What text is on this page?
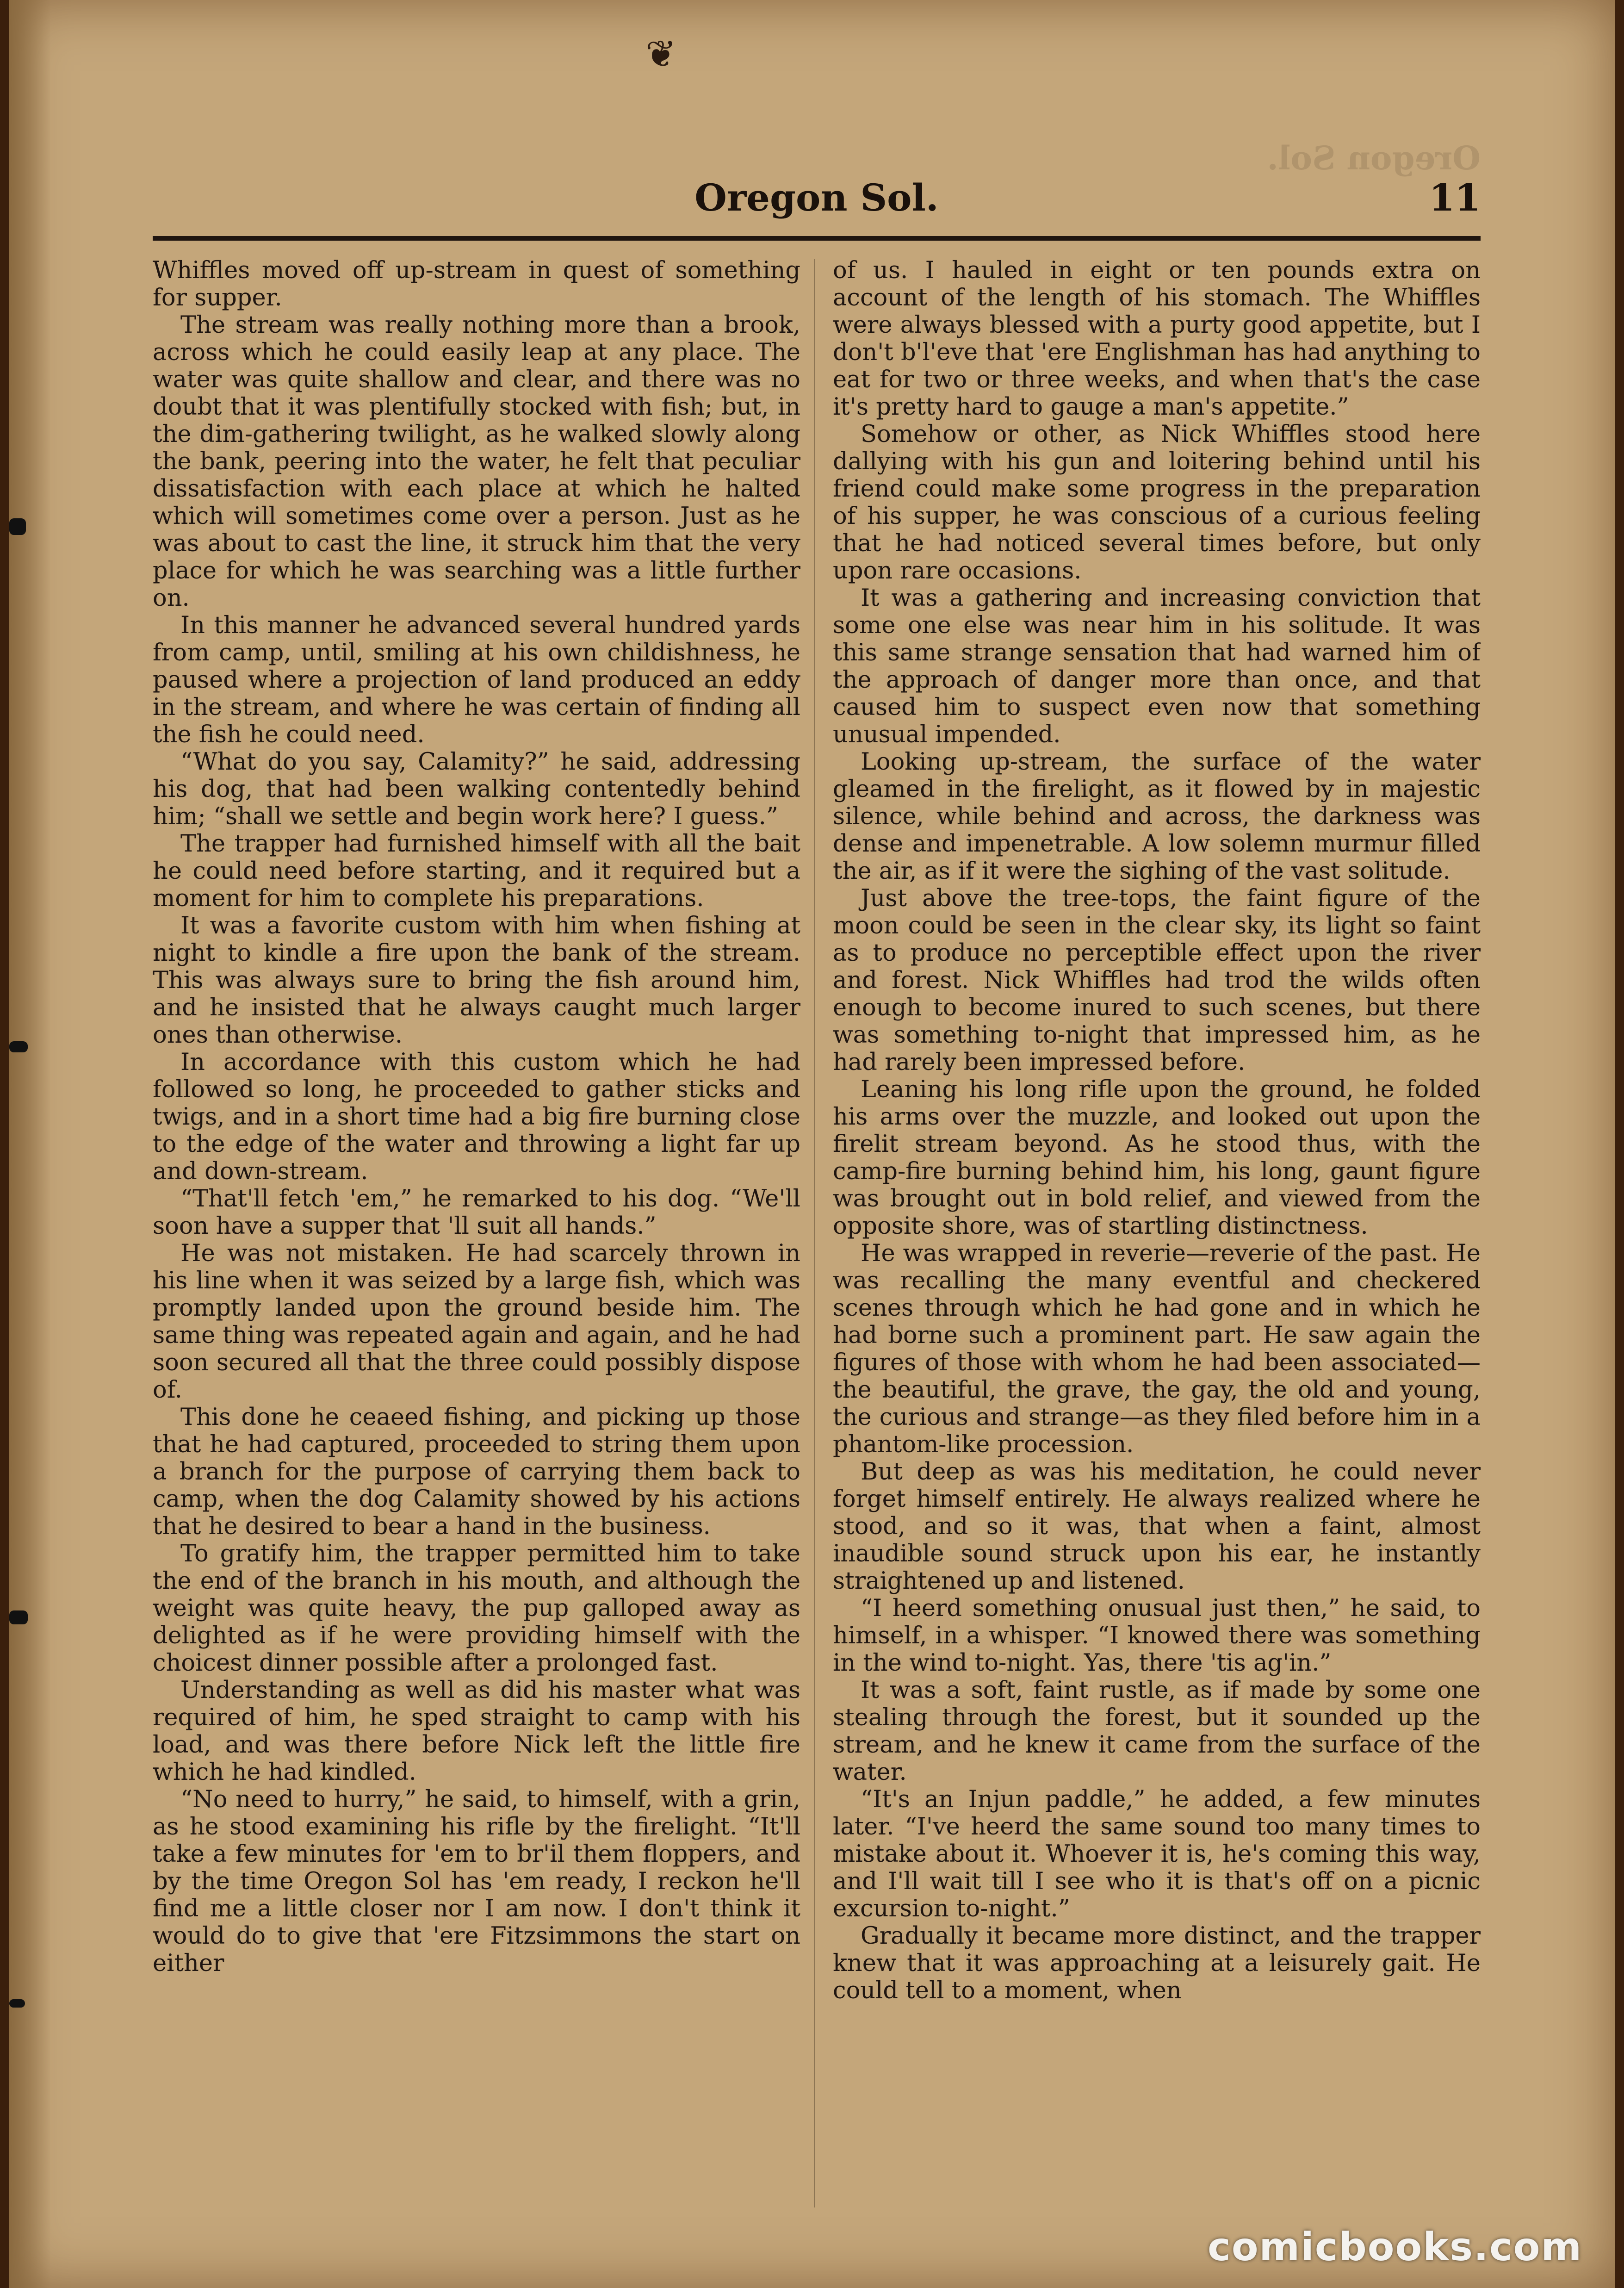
❦
Oregon Sol.
Oregon Sol.	11

Whiffles moved off up-stream in quest of something for supper.

The stream was really nothing more than a brook, across which he could easily leap at any place. The water was quite shallow and clear, and there was no doubt that it was plentifully stocked with fish; but, in the dim-gathering twilight, as he walked slowly along the bank, peering into the water, he felt that peculiar dissatisfaction with each place at which he halted which will sometimes come over a person. Just as he was about to cast the line, it struck him that the very place for which he was searching was a little further on.

In this manner he advanced several hundred yards from camp, until, smiling at his own childishness, he paused where a projection of land produced an eddy in the stream, and where he was certain of finding all the fish he could need.

“What do you say, Calamity?” he said, addressing his dog, that had been walking contentedly behind him; “shall we settle and begin work here? I guess.”

The trapper had furnished himself with all the bait he could need before starting, and it required but a moment for him to complete his preparations.

It was a favorite custom with him when fishing at night to kindle a fire upon the bank of the stream. This was always sure to bring the fish around him, and he insisted that he always caught much larger ones than otherwise.

In accordance with this custom which he had followed so long, he proceeded to gather sticks and twigs, and in a short time had a big fire burning close to the edge of the water and throwing a light far up and down-stream.

“That'll fetch 'em,” he remarked to his dog. “We'll soon have a supper that 'll suit all hands.”

He was not mistaken. He had scarcely thrown in his line when it was seized by a large fish, which was promptly landed upon the ground beside him. The same thing was repeated again and again, and he had soon secured all that the three could possibly dispose of.

This done he ceaeed fishing, and picking up those that he had captured, proceeded to string them upon a branch for the purpose of carrying them back to camp, when the dog Calamity showed by his actions that he desired to bear a hand in the business.

To gratify him, the trapper permitted him to take the end of the branch in his mouth, and although the weight was quite heavy, the pup galloped away as delighted as if he were providing himself with the choicest dinner possible after a prolonged fast.

Understanding as well as did his master what was required of him, he sped straight to camp with his load, and was there before Nick left the little fire which he had kindled.

“No need to hurry,” he said, to himself, with a grin, as he stood examining his rifle by the firelight. “It'll take a few minutes for 'em to br'il them floppers, and by the time Oregon Sol has 'em ready, I reckon he'll find me a little closer nor I am now. I don't think it would do to give that 'ere Fitzsimmons the start on either

of us. I hauled in eight or ten pounds extra on account of the length of his stomach. The Whiffles were always blessed with a purty good appetite, but I don't b'l'eve that 'ere Englishman has had anything to eat for two or three weeks, and when that's the case it's pretty hard to gauge a man's appetite.”

Somehow or other, as Nick Whiffles stood here dallying with his gun and loitering behind until his friend could make some progress in the preparation of his supper, he was conscious of a curious feeling that he had noticed several times before, but only upon rare occasions.

It was a gathering and increasing conviction that some one else was near him in his solitude. It was this same strange sensation that had warned him of the approach of danger more than once, and that caused him to suspect even now that something unusual impended.

Looking up-stream, the surface of the water gleamed in the firelight, as it flowed by in majestic silence, while behind and across, the darkness was dense and impenetrable. A low solemn murmur filled the air, as if it were the sighing of the vast solitude.

Just above the tree-tops, the faint figure of the moon could be seen in the clear sky, its light so faint as to produce no perceptible effect upon the river and forest. Nick Whiffles had trod the wilds often enough to become inured to such scenes, but there was something to-night that impressed him, as he had rarely been impressed before.

Leaning his long rifle upon the ground, he folded his arms over the muzzle, and looked out upon the firelit stream beyond. As he stood thus, with the camp-fire burning behind him, his long, gaunt figure was brought out in bold relief, and viewed from the opposite shore, was of startling distinctness.

He was wrapped in reverie—reverie of the past. He was recalling the many eventful and checkered scenes through which he had gone and in which he had borne such a prominent part. He saw again the figures of those with whom he had been associated—the beautiful, the grave, the gay, the old and young, the curious and strange—as they filed before him in a phantom-like procession.

But deep as was his meditation, he could never forget himself entirely. He always realized where he stood, and so it was, that when a faint, almost inaudible sound struck upon his ear, he instantly straightened up and listened.

“I heerd something onusual just then,” he said, to himself, in a whisper. “I knowed there was something in the wind to-night. Yas, there 'tis ag'in.”

It was a soft, faint rustle, as if made by some one stealing through the forest, but it sounded up the stream, and he knew it came from the surface of the water.

“It's an Injun paddle,” he added, a few minutes later. “I've heerd the same sound too many times to mistake about it. Whoever it is, he's coming this way, and I'll wait till I see who it is that's off on a picnic excursion to-night.”

Gradually it became more distinct, and the trapper knew that it was approaching at a leisurely gait. He could tell to a moment, when

comicbooks.com
